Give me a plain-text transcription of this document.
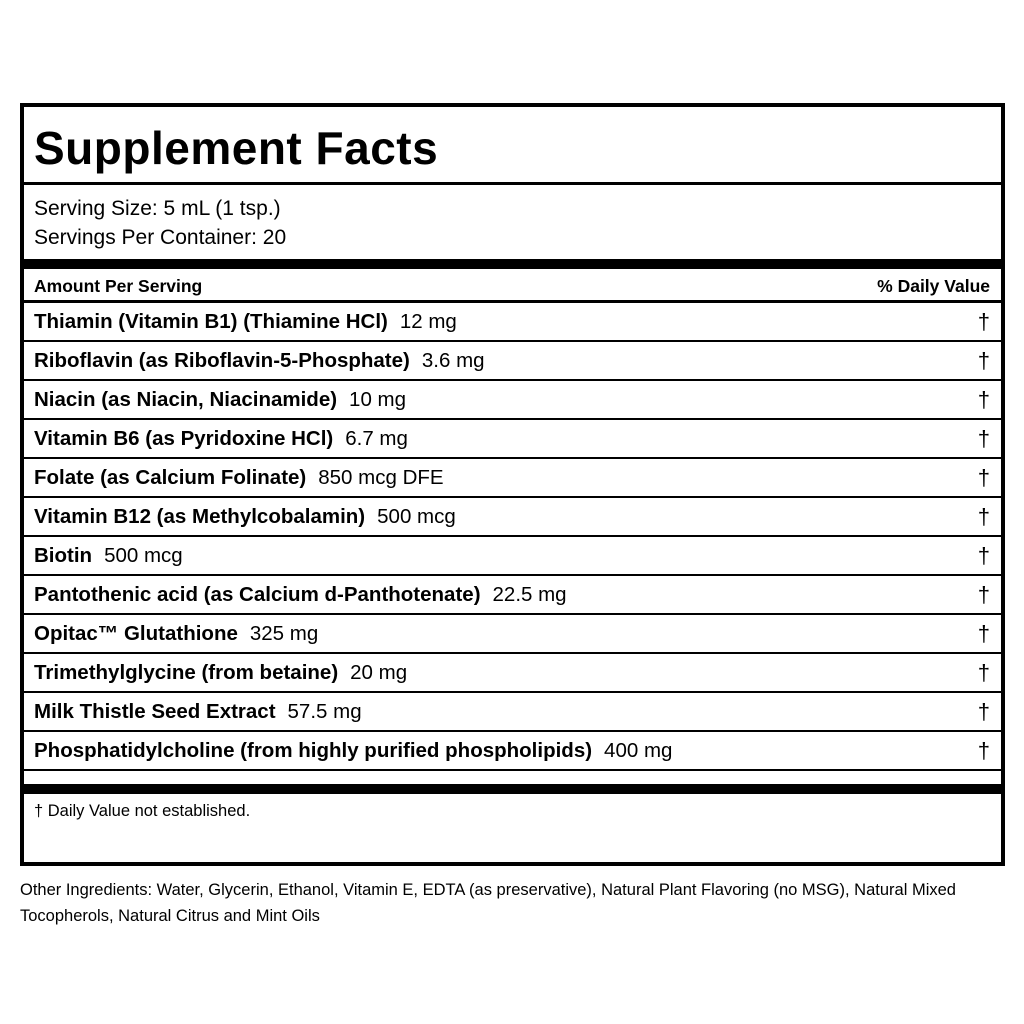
Supplement Facts
Serving Size: 5 mL (1 tsp.)
Servings Per Container: 20
Amount Per Serving	% Daily Value
Thiamin (Vitamin B1) (Thiamine HCl) 12 mg	†
Riboflavin (as Riboflavin-5-Phosphate) 3.6 mg	†
Niacin (as Niacin, Niacinamide) 10 mg	†
Vitamin B6 (as Pyridoxine HCl) 6.7 mg	†
Folate (as Calcium Folinate) 850 mcg DFE	†
Vitamin B12 (as Methylcobalamin) 500 mcg	†
Biotin 500 mcg	†
Pantothenic acid (as Calcium d-Panthotenate) 22.5 mg	†
Opitac™ Glutathione 325 mg	†
Trimethylglycine (from betaine) 20 mg	†
Milk Thistle Seed Extract 57.5 mg	†
Phosphatidylcholine (from highly purified phospholipids) 400 mg	†
† Daily Value not established.
Other Ingredients: Water, Glycerin, Ethanol, Vitamin E, EDTA (as preservative), Natural Plant Flavoring (no MSG), Natural Mixed Tocopherols, Natural Citrus and Mint Oils
